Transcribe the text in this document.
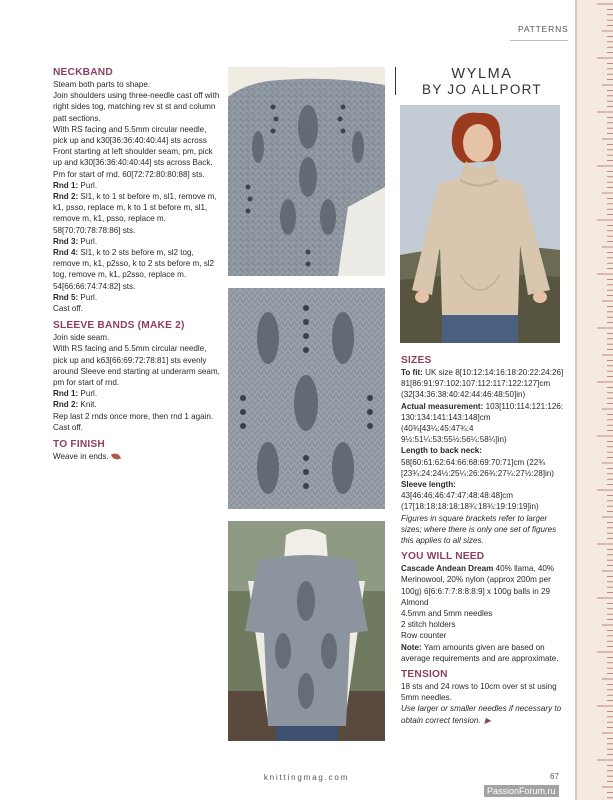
PATTERNS

NECKBAND

Steam both parts to shape.

Join shoulders using three-needle cast off with right sides tog, matching rev st st and column patt sections.

With RS facing and 5.5mm circular needle, pick up and k30[36:36:40:40:44] sts across Front starting at left shoulder seam, pm, pick up and k30[36:36:40:40:44] sts across Back. Pm for start of rnd. 60[72:72:80:80:88] sts.

Rnd 1: Purl.

Rnd 2: Sl1, k to 1 st before m, sl1, remove m, k1, psso, replace m, k to 1 st before m, sl1, remove m, k1, psso, replace m. 58[70:70:78:78:86] sts.

Rnd 3: Purl.

Rnd 4: Sl1, k to 2 sts before m, sl2 tog, remove m, k1, p2sso, k to 2 sts before m, sl2 tog, remove m, k1, p2sso, replace m. 54[66:66:74:74:82] sts.

Rnd 5: Purl.

Cast off.

SLEEVE BANDS (MAKE 2)

Join side seam.

With RS facing and 5.5mm circular needle, pick up and k63[66:69:72:78:81] sts evenly around Sleeve end starting at underarm seam, pm for start of rnd.

Rnd 1: Purl.

Rnd 2: Knit.

Rep last 2 rnds once more, then rnd 1 again.

Cast off.

TO FINISH

Weave in ends.

WYLMA
BY JO ALLPORT

SIZES

To fit: UK size 8[10:12:14:16:18:20:22:24:26] 81[86:91:97:102:107:112:117:122:127]cm (32[34:36:38:40:42:44:46:48:50]in)

Actual measurement: 103[110:114:121:126: 130:134:141:143:148]cm (40¾[43¼:45:47¾:4 9½:51¼:53:55½:56¼:58¼]in)

Length to back neck: 58[60:61:62:64:66:68:69:70:71]cm (22¾ [23¾:24:24½:25¼:26:26¾:27¼:27½:28]in)

Sleeve length: 43[46:46:46:47:47:48:48:48]cm (17[18:18:18:18:18¾:18¾:19:19:19]in)

Figures in square brackets refer to larger sizes; where there is only one set of figures this applies to all sizes.

YOU WILL NEED

Cascade Andean Dream 40% llama, 40% Merinowool, 20% nylon (approx 200m per 100g) 6[6:6:7:7:8:8:8:9] x 100g balls in 29 Almond

4.5mm and 5mm needles

2 stitch holders

Row counter

Note: Yarn amounts given are based on average requirements and are approximate.

TENSION

18 sts and 24 rows to 10cm over st st using 5mm needles.

Use larger or smaller needles if necessary to obtain correct tension. ▶

knittingmag.com	67
PassionForum.ru
